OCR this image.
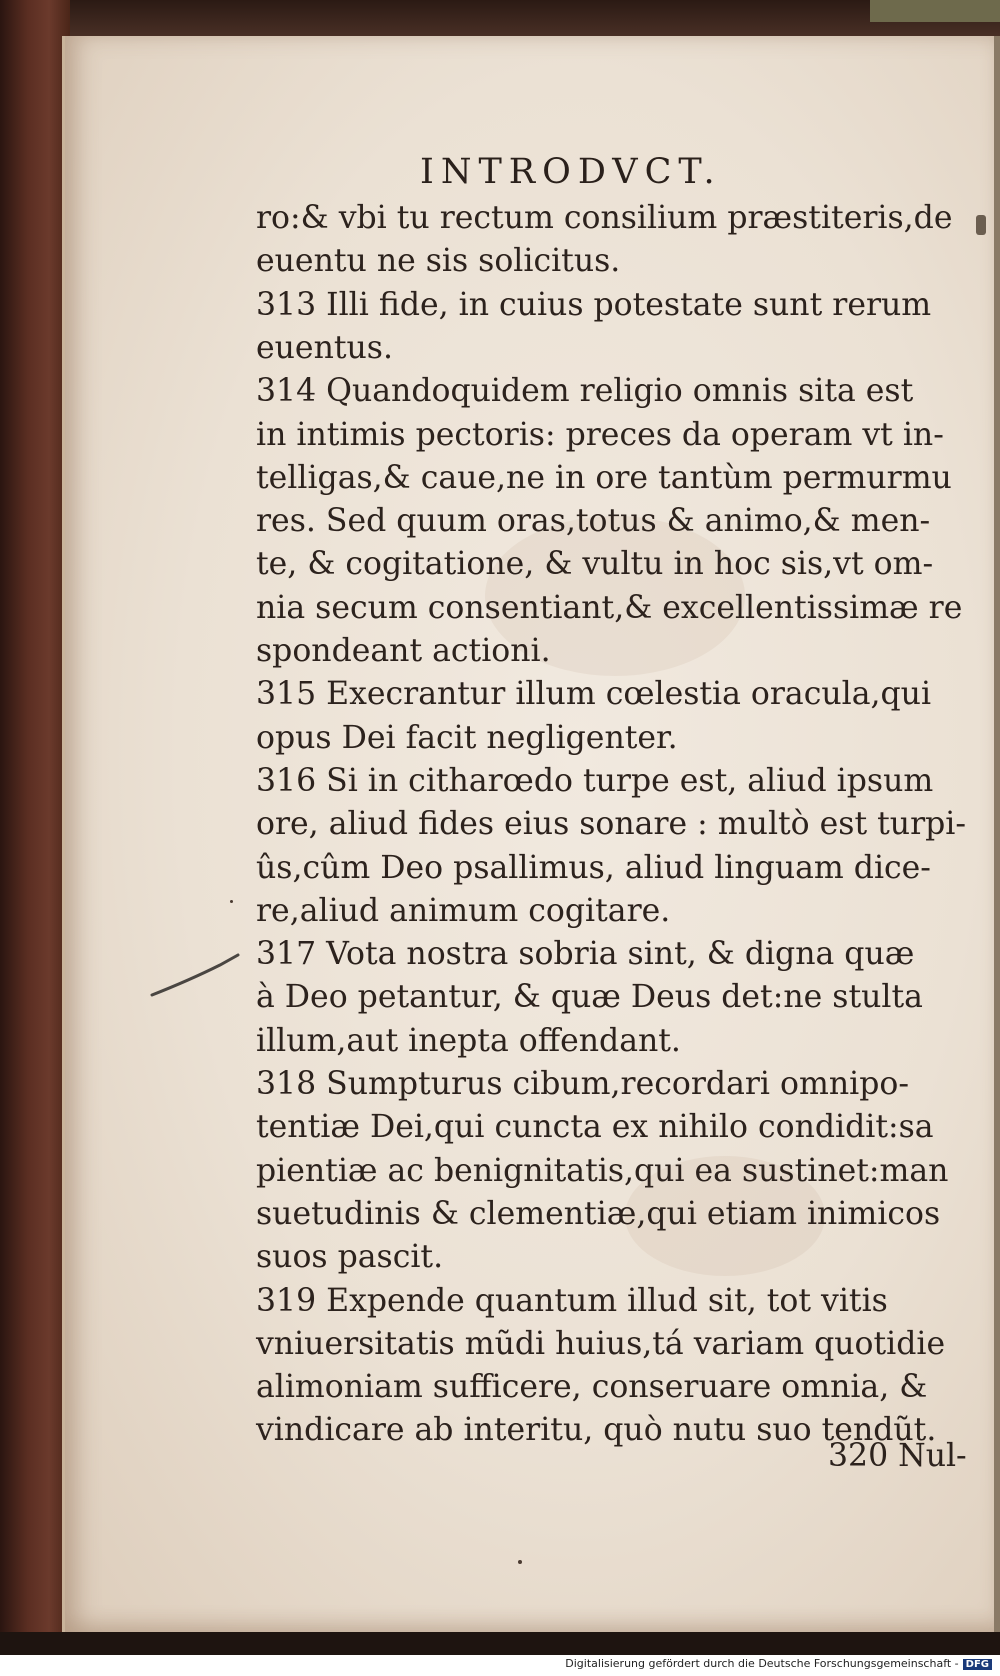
INTRODVCT.
ro:& vbi tu rectum consilium præstiteris,de
euentu ne sis solicitus.
313 Illi fide, in cuius potestate sunt rerum
euentus.
314 Quandoquidem religio omnis sita est
in intimis pectoris: preces da operam vt in-
telligas,& caue,ne in ore tantùm permurmu
res. Sed quum oras,totus & animo,& men-
te, & cogitatione, & vultu in hoc sis,vt om-
nia secum consentiant,& excellentissimæ re
spondeant actioni.
315 Execrantur illum cœlestia oracula,qui
opus Dei facit negligenter.
316 Si in citharœdo turpe est, aliud ipsum
ore, aliud fides eius sonare : multò est turpi-
ûs,cûm Deo psallimus, aliud linguam dice-
re,aliud animum cogitare.
317 Vota nostra sobria sint, & digna quæ
à Deo petantur, & quæ Deus det:ne stulta
illum,aut inepta offendant.
318 Sumpturus cibum,recordari omnipo-
tentiæ Dei,qui cuncta ex nihilo condidit:sa
pientiæ ac benignitatis,qui ea sustinet:man
suetudinis & clementiæ,qui etiam inimicos
suos pascit.
319 Expende quantum illud sit, tot vitis
vniuersitatis mũdi huius,tá variam quotidie
alimoniam sufficere, conseruare omnia, &
vindicare ab interitu, quò nutu suo tendũt.
320 Nul-
Digitalisierung gefördert durch die Deutsche Forschungsgemeinschaft - DFG
